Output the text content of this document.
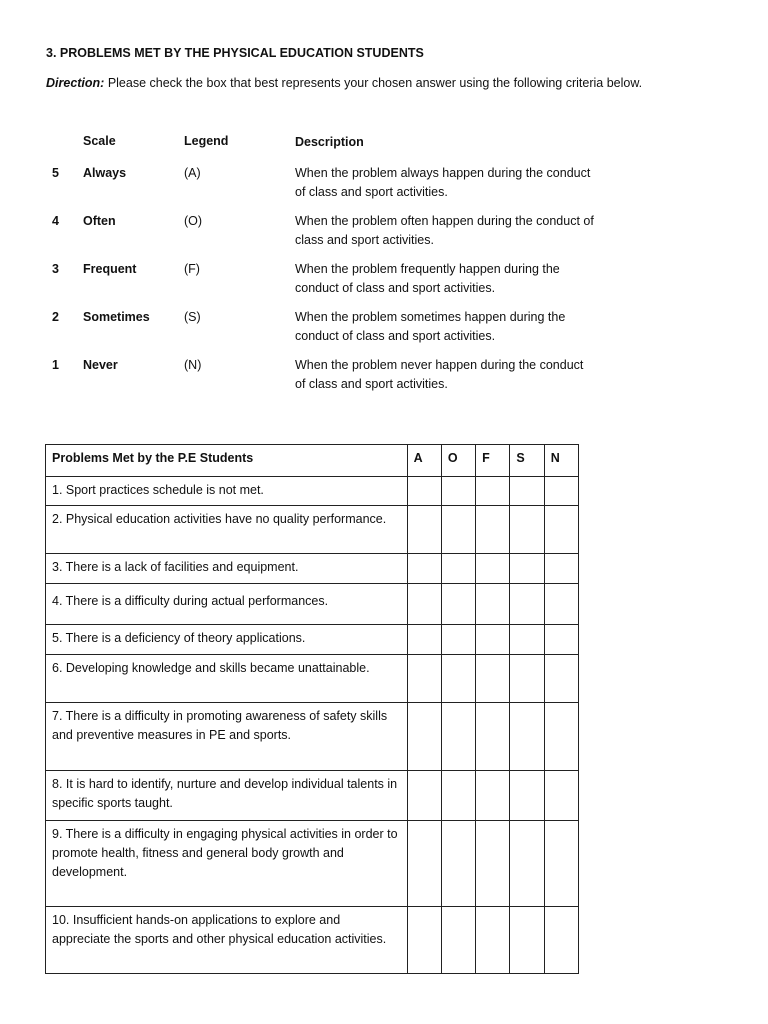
3. PROBLEMS MET BY THE PHYSICAL EDUCATION STUDENTS
Direction: Please check the box that best represents your chosen answer using the following criteria below.
Scale	Legend	Description
5 Always	(A)	When the problem always happen during the conduct of class and sport activities.
4 Often	(O)	When the problem often happen during the conduct of class and sport activities.
3 Frequent	(F)	When the problem frequently happen during the conduct of class and sport activities.
2 Sometimes	(S)	When the problem sometimes happen during the conduct of class and sport activities.
1 Never	(N)	When the problem never happen during the conduct of class and sport activities.
Problems Met by the P.E Students	A	O	F	S	N
1. Sport practices schedule is not met.					
2. Physical education activities have no quality performance.					
3. There is a lack of facilities and equipment.					
4. There is a difficulty during actual performances.					
5. There is a deficiency of theory applications.					
6. Developing knowledge and skills became unattainable.					
7. There is a difficulty in promoting awareness of safety skills and preventive measures in PE and sports.					
8. It is hard to identify, nurture and develop individual talents in specific sports taught.					
9. There is a difficulty in engaging physical activities in order to promote health, fitness and general body growth and development.					
10. Insufficient hands-on applications to explore and appreciate the sports and other physical education activities.					
